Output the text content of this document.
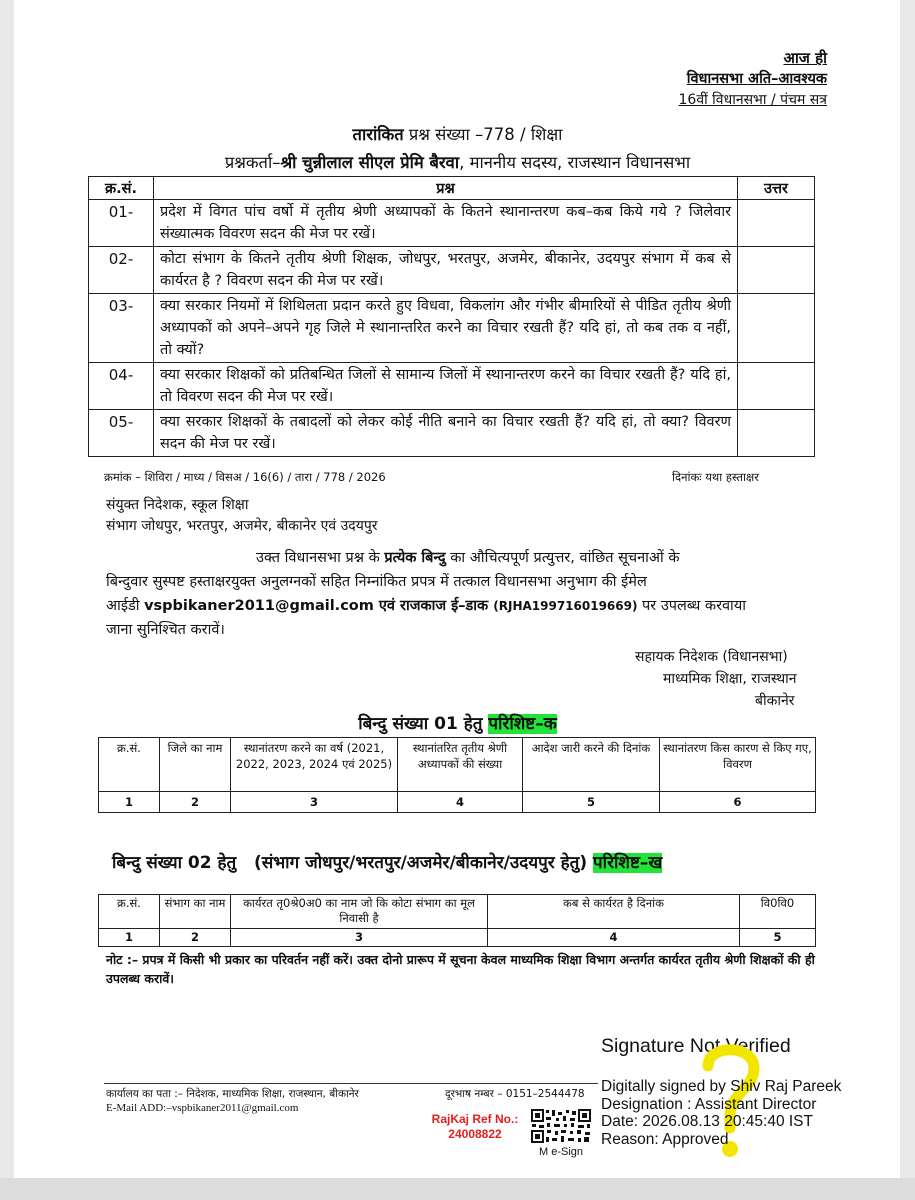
आज ही
विधानसभा अति–आवश्यक
16वीं विधानसभा / पंचम सत्र
तारांकित प्रश्न संख्या –778 / शिक्षा
प्रश्नकर्ता–श्री चुन्नीलाल सीएल प्रेमि बैरवा, माननीय सदस्य, राजस्थान विधानसभा
क्र.सं.	प्रश्न	उत्तर
01-	प्रदेश में विगत पांच वर्षो में तृतीय श्रेणी अध्यापकों के कितने स्थानान्तरण कब–कब किये गये ? जिलेवार संख्यात्मक विवरण सदन की मेज पर रखें।	
02-	कोटा संभाग के कितने तृतीय श्रेणी शिक्षक, जोधपुर, भरतपुर, अजमेर, बीकानेर, उदयपुर संभाग में कब से कार्यरत है ? विवरण सदन की मेज पर रखें।	
03-	क्या सरकार नियमों में शिथिलता प्रदान करते हुए विधवा, विकलांग और गंभीर बीमारियों से पीडित तृतीय श्रेणी अध्यापकों को अपने–अपने गृह जिले मे स्थानान्तरित करने का विचार रखती हैं? यदि हां, तो कब तक व नहीं, तो क्यों?	
04-	क्या सरकार शिक्षकों को प्रतिबन्धित जिलों से सामान्य जिलों में स्थानान्तरण करने का विचार रखती हैं? यदि हां, तो विवरण सदन की मेज पर रखें।	
05-	क्या सरकार शिक्षकों के तबादलों को लेकर कोई नीति बनाने का विचार रखती हैं? यदि हां, तो क्या? विवरण सदन की मेज पर रखें।	
क्रमांक – शिविरा / माध्य / विसअ / 16(6) / तारा / 778 / 2026	दिनांकः यथा हस्ताक्षर
संयुक्त निदेशक, स्कूल शिक्षा
संभाग जोधपुर, भरतपुर, अजमेर, बीकानेर एवं उदयपुर
उक्त विधानसभा प्रश्न के प्रत्येक बिन्दु का औचित्यपूर्ण प्रत्युत्तर, वांछित सूचनाओं के
बिन्दुवार सुस्पष्ट हस्ताक्षरयुक्त अनुलग्नकों सहित निम्नांकित प्रपत्र में तत्काल विधानसभा अनुभाग की ईमेल
आईडी vspbikaner2011@gmail.com एवं राजकाज ई–डाक (RJHA199716019669) पर उपलब्ध करवाया
जाना सुनिश्चित करावें।
सहायक निदेशक (विधानसभा)
माध्यमिक शिक्षा, राजस्थान
बीकानेर
बिन्दु संख्या 01 हेतु परिशिष्ट–क
क्र.सं.	जिले का नाम	स्थानांतरण करने का वर्ष (2021, 2022, 2023, 2024 एवं 2025)	स्थानांतरित तृतीय श्रेणी अध्यापकों की संख्या	आदेश जारी करने की दिनांक	स्थानांतरण किस कारण से किए गए, विवरण
1	2	3	4	5	6
बिन्दु संख्या 02 हेतु   (संभाग जोधपुर/भरतपुर/अजमेर/बीकानेर/उदयपुर हेतु) परिशिष्ट–ख
क्र.सं.	संभाग का नाम	कार्यरत तृ0श्रे0अ0 का नाम जो कि कोटा संभाग का मूल निवासी है	कब से कार्यरत है दिनांक	वि0वि0
1	2	3	4	5
नोट :– प्रपत्र में किसी भी प्रकार का परिवर्तन नहीं करें। उक्त दोनो प्रारूप में सूचना केवल माध्यमिक शिक्षा विभाग अन्तर्गत कार्यरत तृतीय श्रेणी शिक्षकों की ही उपलब्ध करावें।
कार्यालय का पता :– निदेशक, माध्यमिक शिक्षा, राजस्थान, बीकानेर	दूरभाष नम्बर – 0151–2544478
E-Mail ADD:–vspbikaner2011@gmail.com
RajKaj Ref No.:
24008822
M e-Sign
Signature Not Verified
Digitally signed by Shiv Raj Pareek
Designation : Assistant Director
Date: 2026.08.13 20:45:40 IST
Reason: Approved
